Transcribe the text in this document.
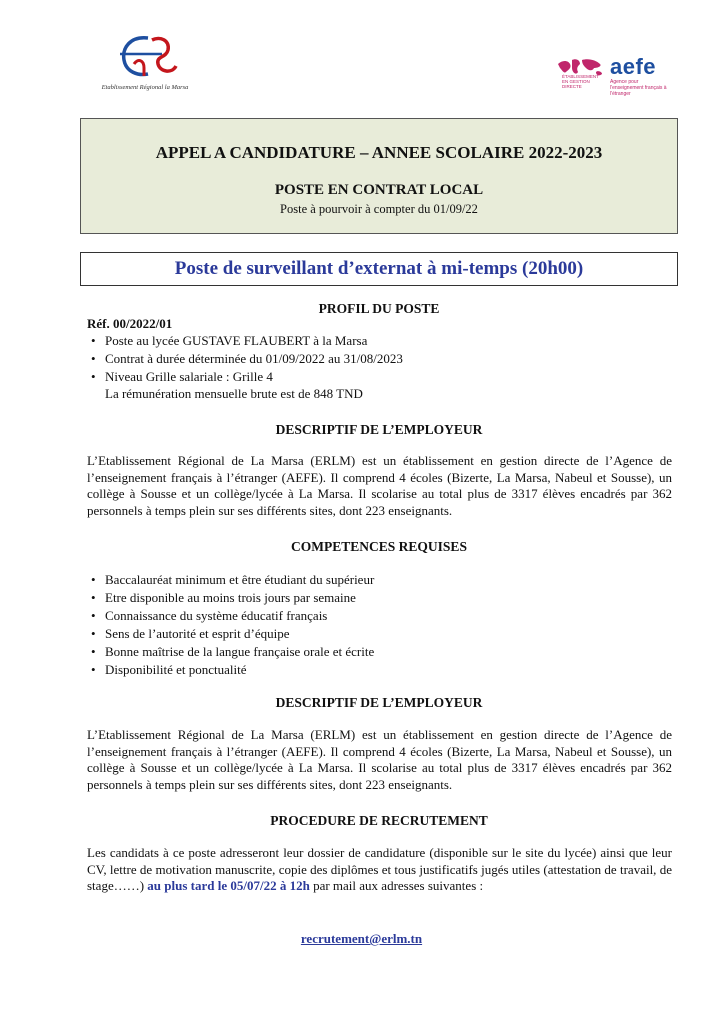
Etablissement Régional la Marsa
ÉTABLISSEMENT EN GESTION DIRECTE
aefe
Agence pour l'enseignement français à l'étranger
APPEL A CANDIDATURE – ANNEE SCOLAIRE 2022-2023
POSTE EN CONTRAT LOCAL
Poste à pourvoir à compter du 01/09/22
Poste de surveillant d’externat à mi-temps (20h00)
PROFIL DU POSTE
Réf. 00/2022/01
• Poste au lycée GUSTAVE FLAUBERT à la Marsa
• Contrat à durée déterminée du 01/09/2022 au 31/08/2023
• Niveau Grille salariale : Grille 4
La rémunération mensuelle brute est de 848 TND
DESCRIPTIF DE L’EMPLOYEUR
L’Etablissement Régional de La Marsa (ERLM) est un établissement en gestion directe de l’Agence de l’enseignement français à l’étranger (AEFE). Il comprend 4 écoles (Bizerte, La Marsa, Nabeul et Sousse), un collège à Sousse et un collège/lycée à La Marsa. Il scolarise au total plus de 3317 élèves encadrés par 362 personnels à temps plein sur ses différents sites, dont 223 enseignants.
COMPETENCES REQUISES
• Baccalauréat minimum et être étudiant du supérieur
• Etre disponible au moins trois jours par semaine
• Connaissance du système éducatif français
• Sens de l’autorité et esprit d’équipe
• Bonne maîtrise de la langue française orale et écrite
• Disponibilité et ponctualité
DESCRIPTIF DE L’EMPLOYEUR
L’Etablissement Régional de La Marsa (ERLM) est un établissement en gestion directe de l’Agence de l’enseignement français à l’étranger (AEFE). Il comprend 4 écoles (Bizerte, La Marsa, Nabeul et Sousse), un collège à Sousse et un collège/lycée à La Marsa. Il scolarise au total plus de 3317 élèves encadrés par 362 personnels à temps plein sur ses différents sites, dont 223 enseignants.
PROCEDURE DE RECRUTEMENT
Les candidats à ce poste adresseront leur dossier de candidature (disponible sur le site du lycée) ainsi que leur CV, lettre de motivation manuscrite, copie des diplômes et tous justificatifs jugés utiles (attestation de travail, de stage……) au plus tard le 05/07/22 à 12h par mail aux adresses suivantes :
recrutement@erlm.tn
